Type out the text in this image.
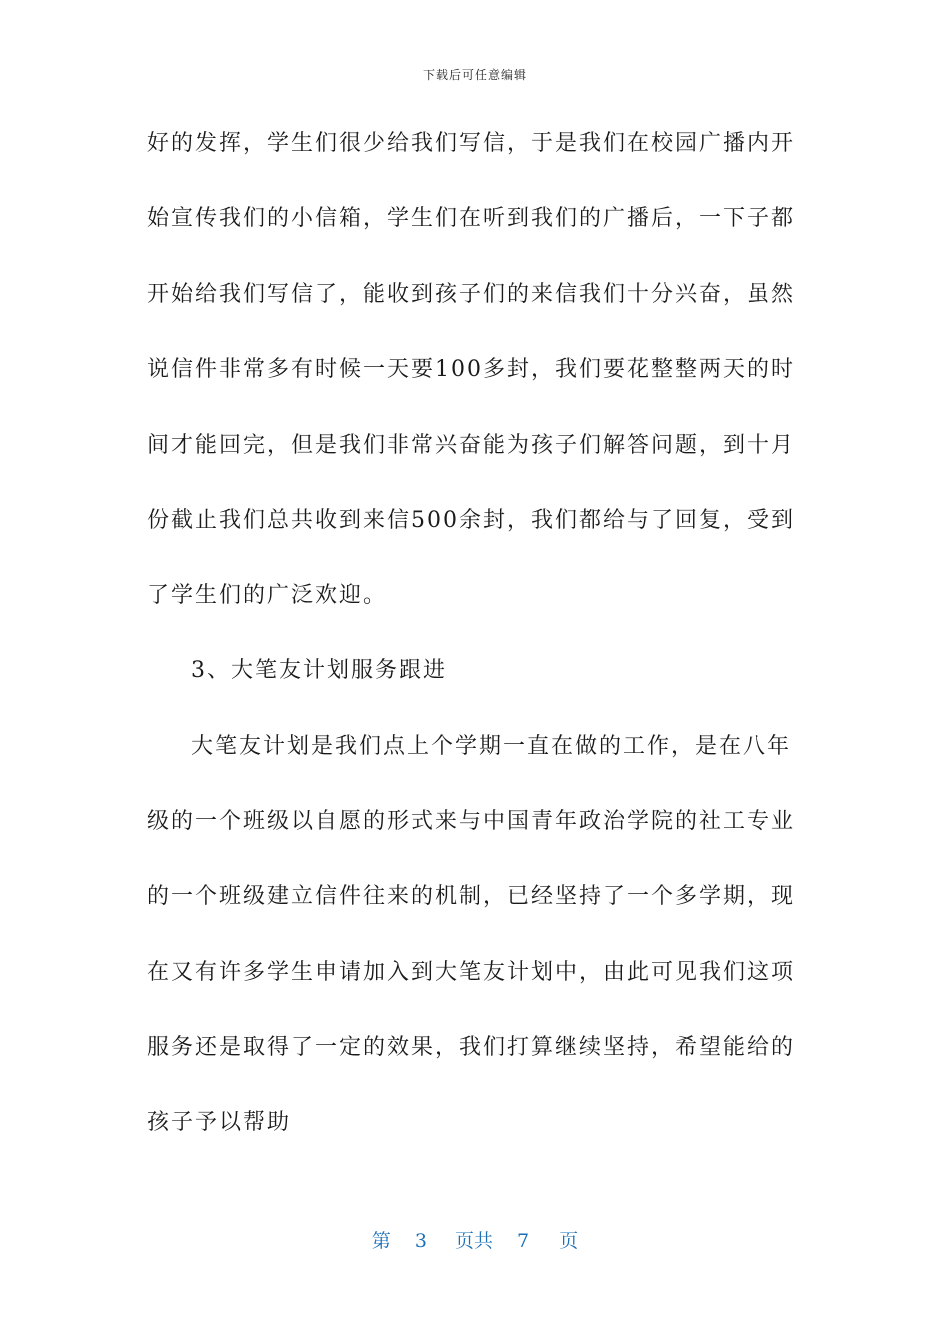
下载后可任意编辑
好的发挥，学生们很少给我们写信，于是我们在校园广播内开
始宣传我们的小信箱，学生们在听到我们的广播后，一下子都
开始给我们写信了，能收到孩子们的来信我们十分兴奋，虽然
说信件非常多有时候一天要100多封，我们要花整整两天的时
间才能回完，但是我们非常兴奋能为孩子们解答问题，到十月
份截止我们总共收到来信500余封，我们都给与了回复，受到
了学生们的广泛欢迎。
3、大笔友计划服务跟进
大笔友计划是我们点上个学期一直在做的工作，是在八年
级的一个班级以自愿的形式来与中国青年政治学院的社工专业
的一个班级建立信件往来的机制，已经坚持了一个多学期，现
在又有许多学生申请加入到大笔友计划中，由此可见我们这项
服务还是取得了一定的效果，我们打算继续坚持，希望能给的
孩子予以帮助
第 3 页共 7 页
